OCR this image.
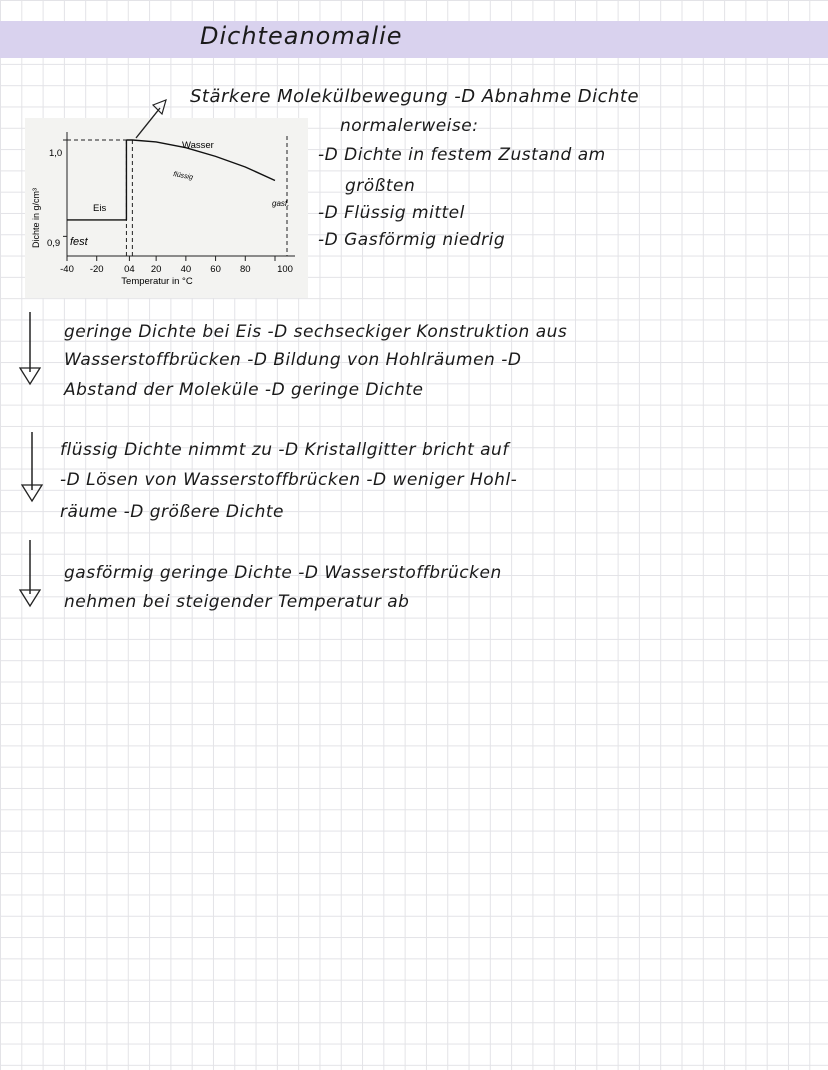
Dichteanomalie
Stärkere Molekülbewegung -D Abnahme Dichte
normalerweise:
-D Dichte in festem Zustand am
größten
-D Flüssig mittel
-D Gasförmig niedrig
Dichte in g/cm³
Temperatur in °C
1,0
0,9
Wasser
Eis
fest
flüssig
gasf.
-40 -20 04 20 40 60 80	100
geringe Dichte bei Eis -D sechseckiger Konstruktion aus
Wasserstoffbrücken -D Bildung von Hohlräumen -D
Abstand der Moleküle -D geringe Dichte
flüssig Dichte nimmt zu -D Kristallgitter bricht auf
-D Lösen von Wasserstoffbrücken -D weniger Hohl-
räume -D größere Dichte
gasförmig geringe Dichte -D Wasserstoffbrücken
nehmen bei steigender Temperatur ab
